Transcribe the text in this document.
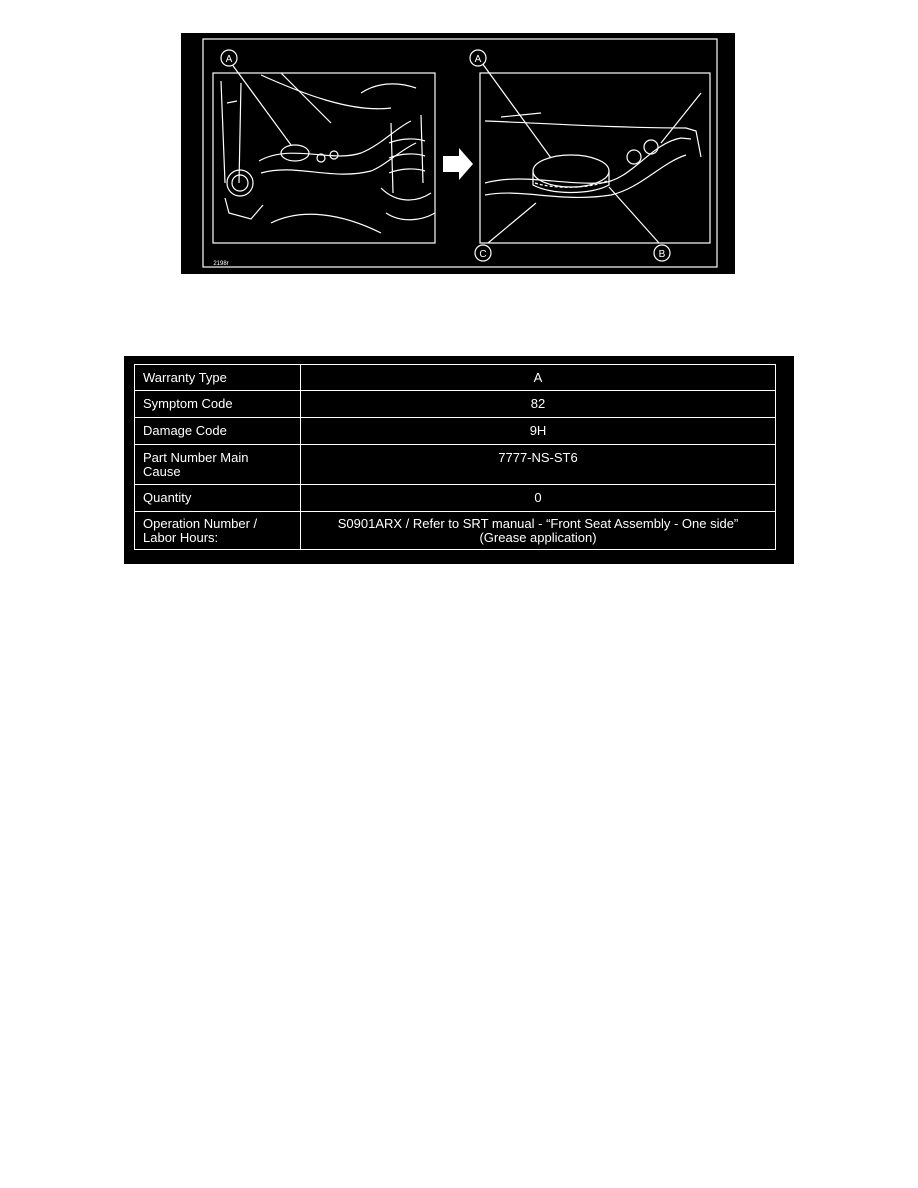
A	A
B
C
2198r
Warranty Type	A
Symptom Code	82
Damage Code	9H
Part Number Main
Cause	7777-NS-ST6
Quantity	0
Operation Number /
Labor Hours:	S0901ARX / Refer to SRT manual - “Front Seat Assembly - One side”
(Grease application)
